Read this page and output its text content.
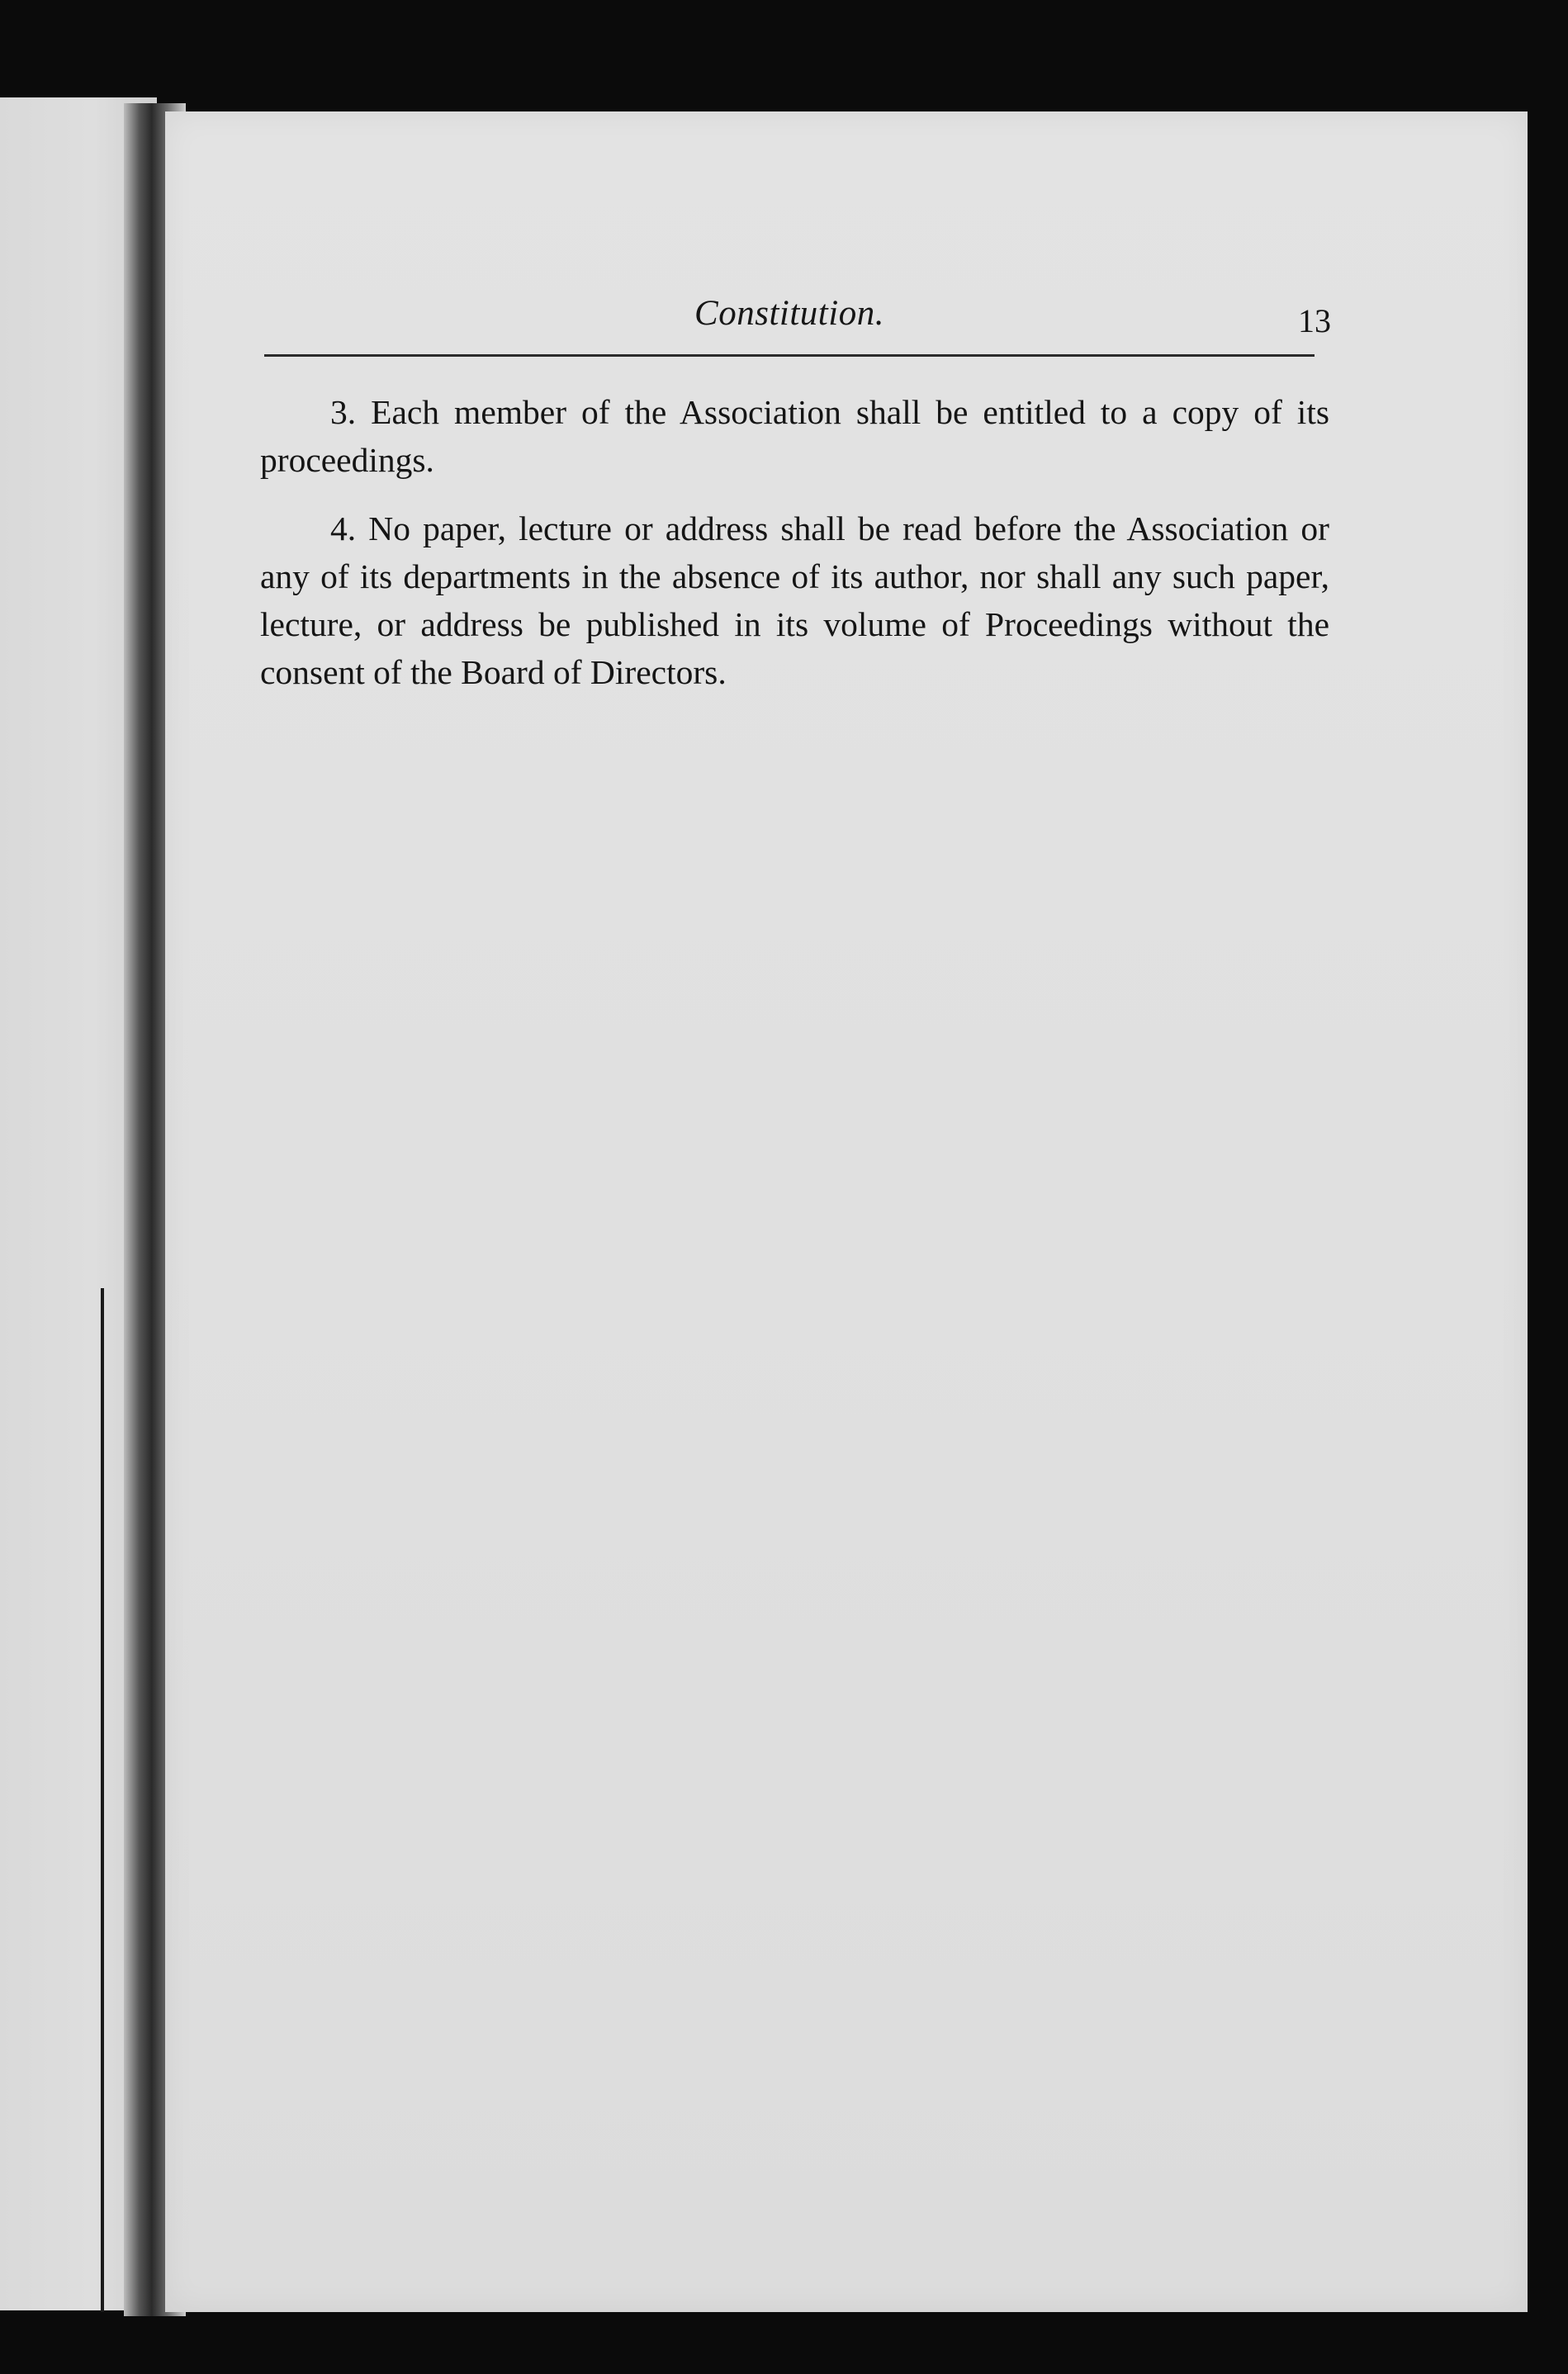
Constitution.	13

3. Each member of the Association shall be entitled to a copy of its proceedings.

4. No paper, lecture or address shall be read before the Association or any of its departments in the absence of its author, nor shall any such paper, lecture, or address be published in its volume of Proceedings without the consent of the Board of Directors.
